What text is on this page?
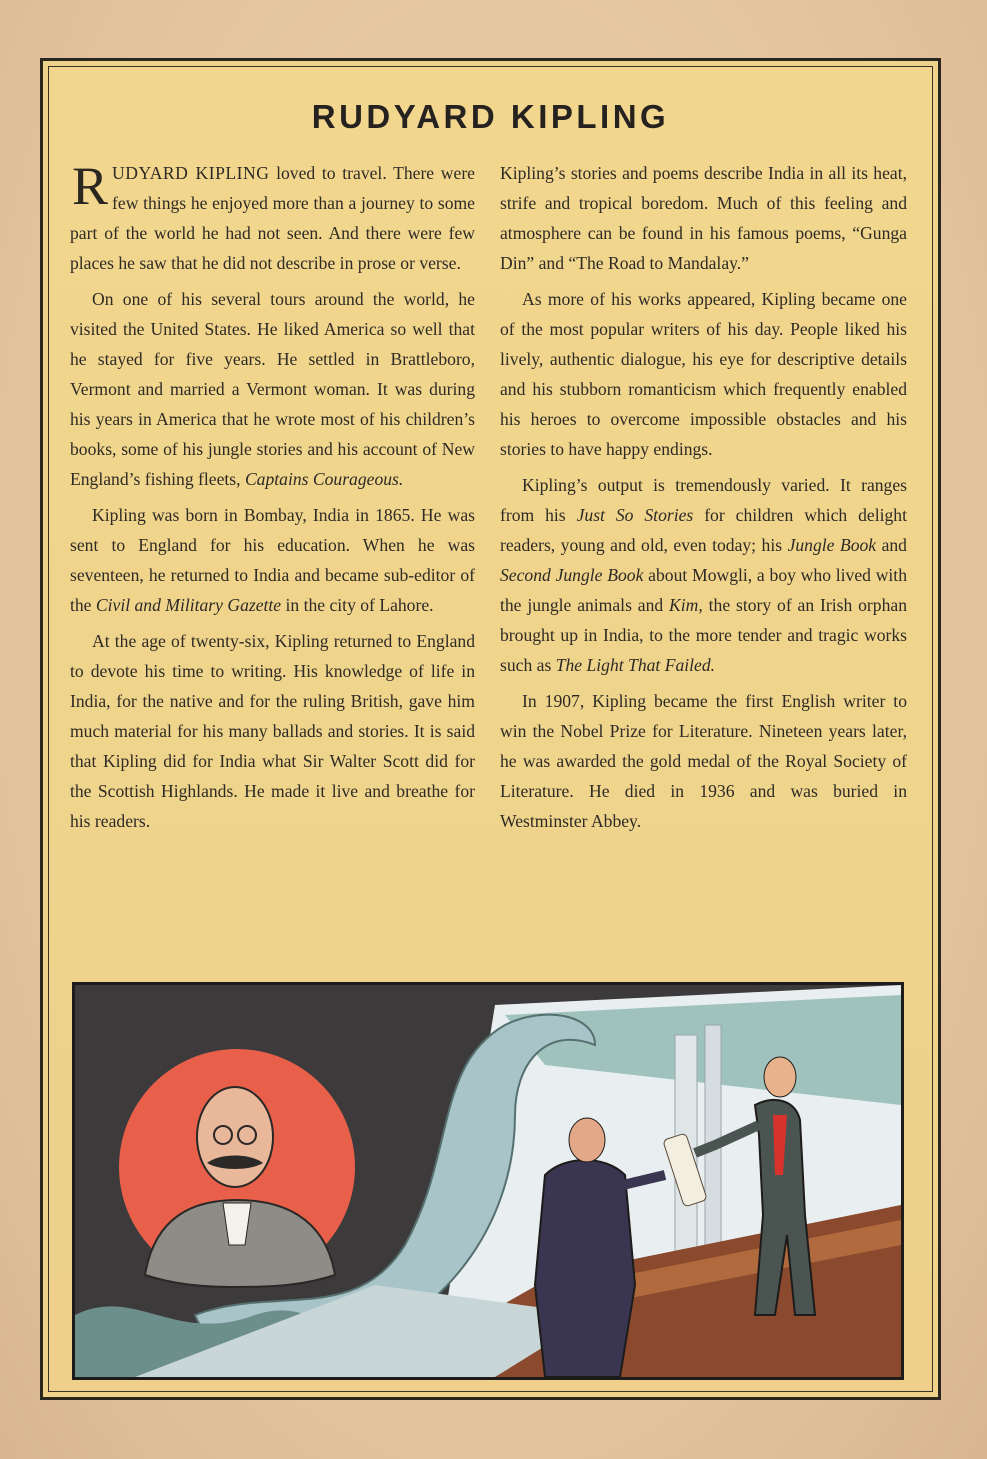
RUDYARD KIPLING

RUDYARD KIPLING loved to travel. There were few things he enjoyed more than a journey to some part of the world he had not seen. And there were few places he saw that he did not describe in prose or verse.

On one of his several tours around the world, he visited the United States. He liked America so well that he stayed for five years. He settled in Brattleboro, Vermont and married a Vermont woman. It was during his years in America that he wrote most of his children’s books, some of his jungle stories and his account of New England’s fishing fleets, Captains Courageous.

Kipling was born in Bombay, India in 1865. He was sent to England for his education. When he was seventeen, he returned to India and became sub-editor of the Civil and Military Gazette in the city of Lahore.

At the age of twenty-six, Kipling returned to England to devote his time to writing. His knowledge of life in India, for the native and for the ruling British, gave him much material for his many ballads and stories. It is said that Kipling did for India what Sir Walter Scott did for the Scottish Highlands. He made it live and breathe for his readers.

Kipling’s stories and poems describe India in all its heat, strife and tropical boredom. Much of this feeling and atmosphere can be found in his famous poems, “Gunga Din” and “The Road to Mandalay.”

As more of his works appeared, Kipling became one of the most popular writers of his day. People liked his lively, authentic dialogue, his eye for descriptive details and his stubborn romanticism which frequently enabled his heroes to overcome impossible obstacles and his stories to have happy endings.

Kipling’s output is tremendously varied. It ranges from his Just So Stories for children which delight readers, young and old, even today; his Jungle Book and Second Jungle Book about Mowgli, a boy who lived with the jungle animals and Kim, the story of an Irish orphan brought up in India, to the more tender and tragic works such as The Light That Failed.

In 1907, Kipling became the first English writer to win the Nobel Prize for Literature. Nineteen years later, he was awarded the gold medal of the Royal Society of Literature. He died in 1936 and was buried in Westminster Abbey.
